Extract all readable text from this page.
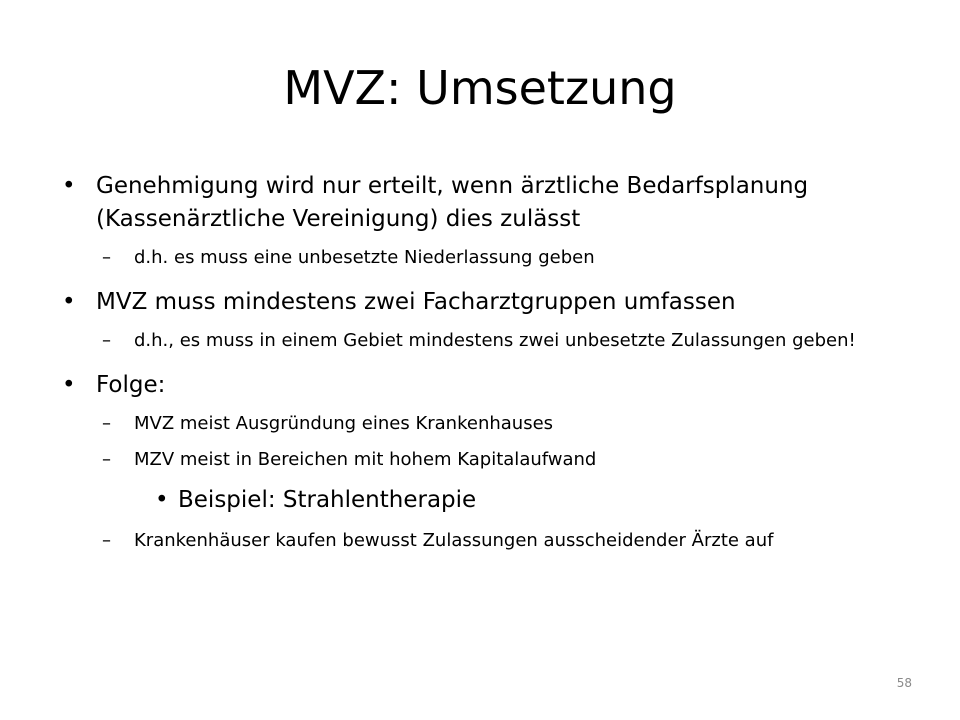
MVZ: Umsetzung
• Genehmigung wird nur erteilt, wenn ärztliche Bedarfsplanung (Kassenärztliche Vereinigung) dies zulässt
– d.h. es muss eine unbesetzte Niederlassung geben
• MVZ muss mindestens zwei Facharztgruppen umfassen
– d.h., es muss in einem Gebiet mindestens zwei unbesetzte Zulassungen geben!
• Folge:
– MVZ meist Ausgründung eines Krankenhauses
– MZV meist in Bereichen mit hohem Kapitalaufwand
• Beispiel: Strahlentherapie
– Krankenhäuser kaufen bewusst Zulassungen ausscheidender Ärzte auf
58
